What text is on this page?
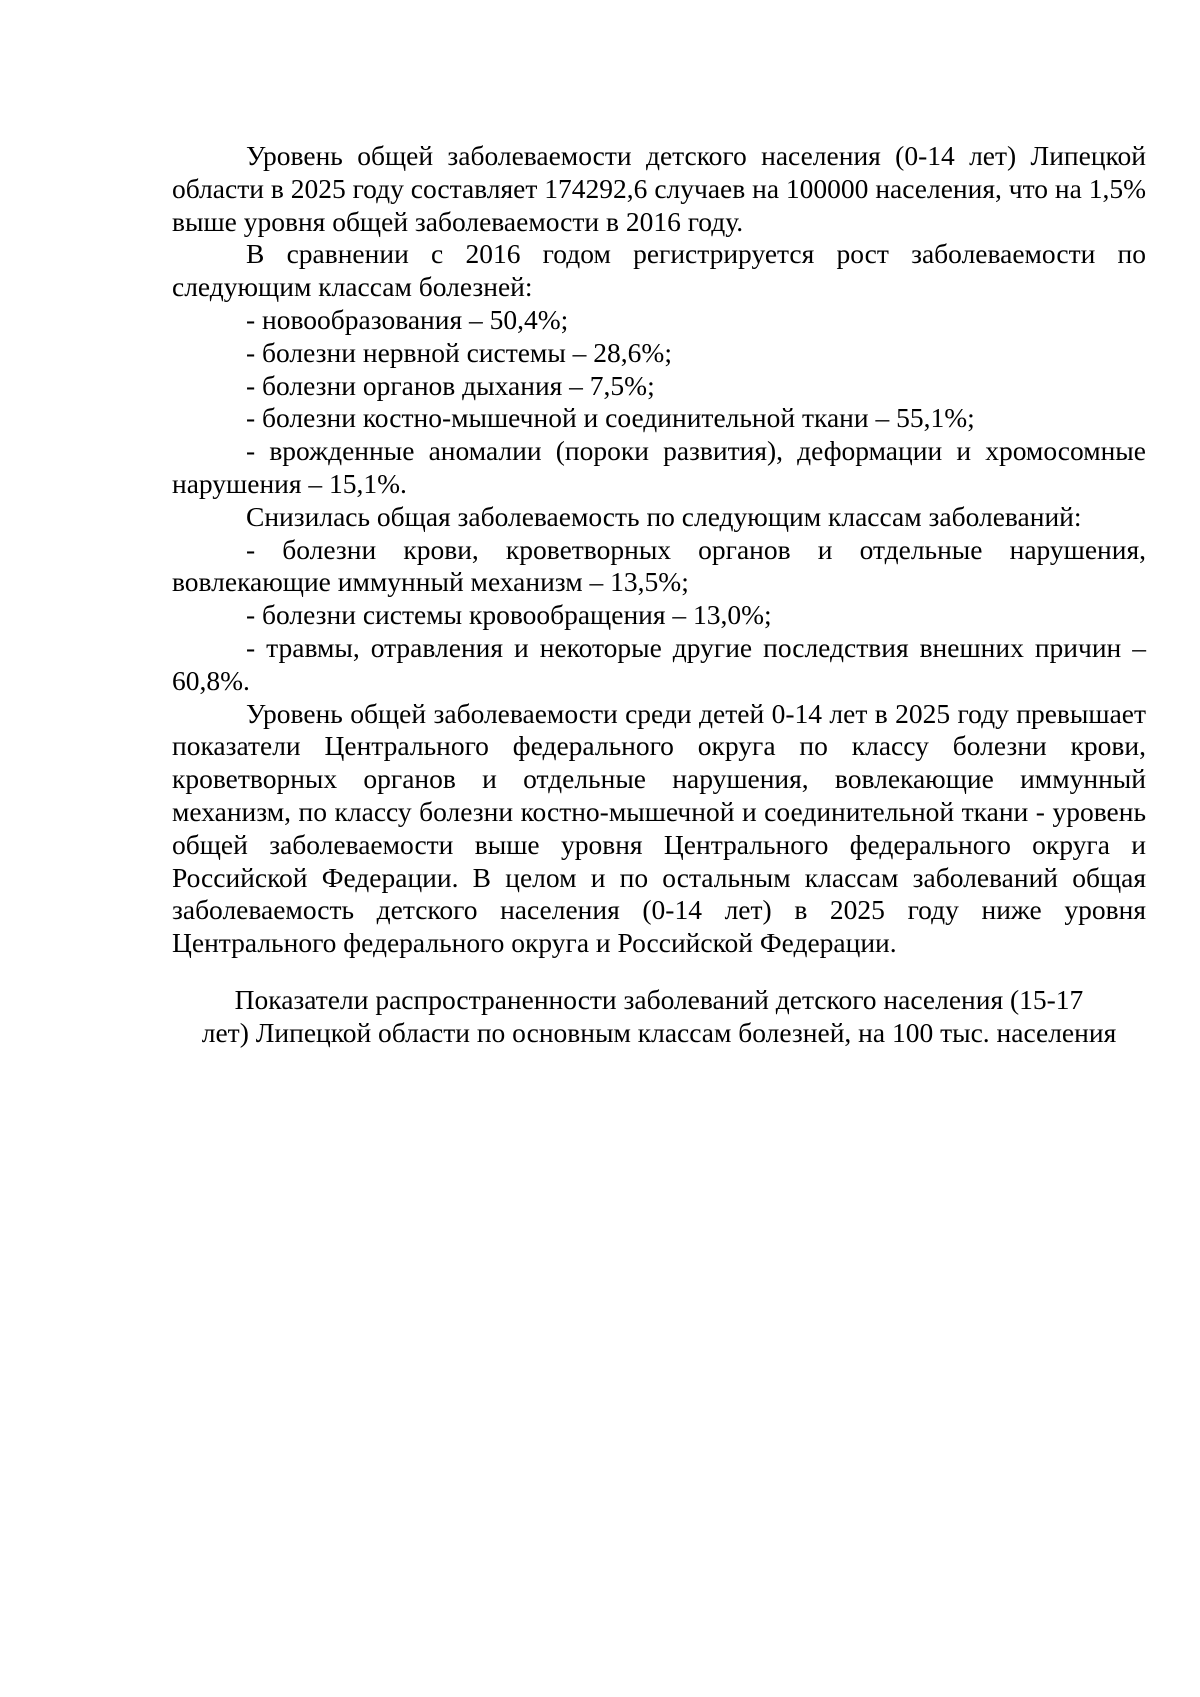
Уровень общей заболеваемости детского населения (0-14 лет) Липецкой области в 2025 году составляет 174292,6 случаев на 100000 населения, что на 1,5% выше уровня общей заболеваемости в 2016 году.

В сравнении с 2016 годом регистрируется рост заболеваемости по следующим классам болезней:

- новообразования – 50,4%;

- болезни нервной системы – 28,6%;

- болезни органов дыхания – 7,5%;

- болезни костно-мышечной и соединительной ткани – 55,1%;

- врожденные аномалии (пороки развития), деформации и хромосомные нарушения – 15,1%.

Снизилась общая заболеваемость по следующим классам заболеваний:

- болезни крови, кроветворных органов и отдельные нарушения, вовлекающие иммунный механизм – 13,5%;

- болезни системы кровообращения – 13,0%;

- травмы, отравления и некоторые другие последствия внешних причин – 60,8%.

Уровень общей заболеваемости среди детей 0-14 лет в 2025 году превышает показатели Центрального федерального округа по классу болезни крови, кроветворных органов и отдельные нарушения, вовлекающие иммунный механизм, по классу болезни костно-мышечной и соединительной ткани - уровень общей заболеваемости выше уровня Центрального федерального округа и Российской Федерации. В целом и по остальным классам заболеваний общая заболеваемость детского населения (0-14 лет) в 2025 году ниже уровня Центрального федерального округа и Российской Федерации.

Показатели распространенности заболеваний детского населения (15-17

лет) Липецкой области по основным классам болезней, на 100 тыс. населения
